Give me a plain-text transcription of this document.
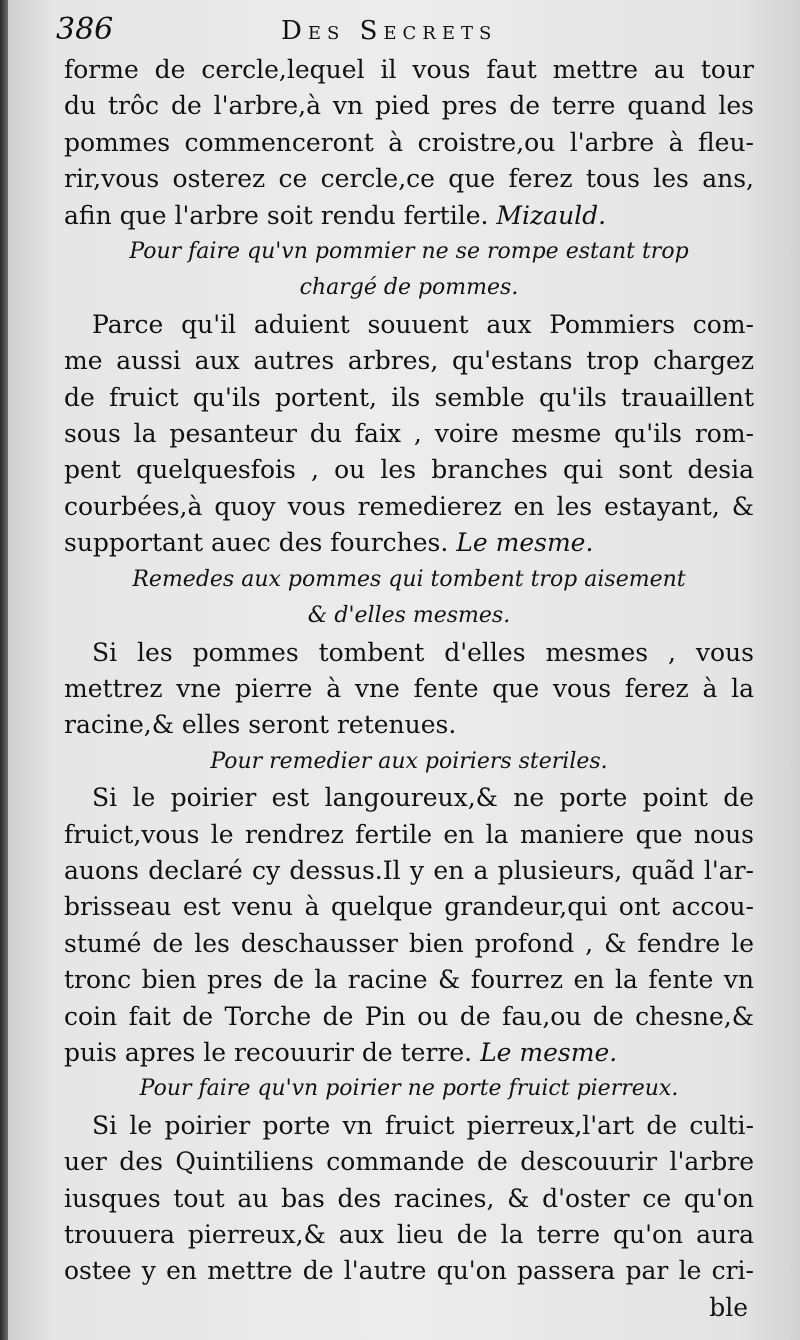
386	Des Secrets
forme de cercle,lequel il vous faut mettre au tour
du trôc de l'arbre,à vn pied pres de terre quand les
pommes commenceront à croistre,ou l'arbre à fleu-
rir,vous osterez ce cercle,ce que ferez tous les ans,
afin que l'arbre soit rendu fertile. Mizauld.
Pour faire qu'vn pommier ne se rompe estant trop
chargé de pommes.
Parce qu'il aduient souuent aux Pommiers com-
me aussi aux autres arbres, qu'estans trop chargez
de fruict qu'ils portent, ils semble qu'ils trauaillent
sous la pesanteur du faix , voire mesme qu'ils rom-
pent quelquesfois , ou les branches qui sont desia
courbées,à quoy vous remedierez en les estayant, &
supportant auec des fourches. Le mesme.
Remedes aux pommes qui tombent trop aisement
& d'elles mesmes.
Si les pommes tombent d'elles mesmes , vous
mettrez vne pierre à vne fente que vous ferez à la
racine,& elles seront retenues.
Pour remedier aux poiriers steriles.
Si le poirier est langoureux,& ne porte point de
fruict,vous le rendrez fertile en la maniere que nous
auons declaré cy dessus.Il y en a plusieurs, quãd l'ar-
brisseau est venu à quelque grandeur,qui ont accou-
stumé de les deschausser bien profond , & fendre le
tronc bien pres de la racine & fourrez en la fente vn
coin fait de Torche de Pin ou de fau,ou de chesne,&
puis apres le recouurir de terre. Le mesme.
Pour faire qu'vn poirier ne porte fruict pierreux.
Si le poirier porte vn fruict pierreux,l'art de culti-
uer des Quintiliens commande de descouurir l'arbre
iusques tout au bas des racines, & d'oster ce qu'on
trouuera pierreux,& aux lieu de la terre qu'on aura
ostee y en mettre de l'autre qu'on passera par le cri-
ble
